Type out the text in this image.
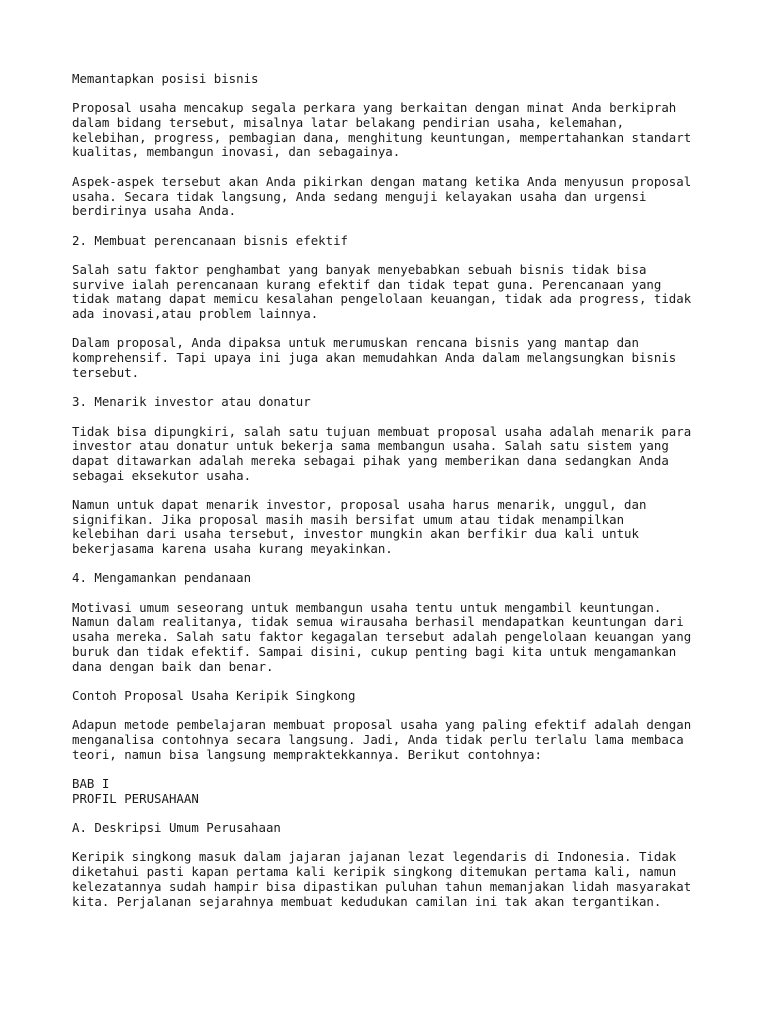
Memantapkan posisi bisnis
Proposal usaha mencakup segala perkara yang berkaitan dengan minat Anda berkiprah
dalam bidang tersebut, misalnya latar belakang pendirian usaha, kelemahan,
kelebihan, progress, pembagian dana, menghitung keuntungan, mempertahankan standart
kualitas, membangun inovasi, dan sebagainya.
Aspek-aspek tersebut akan Anda pikirkan dengan matang ketika Anda menyusun proposal
usaha. Secara tidak langsung, Anda sedang menguji kelayakan usaha dan urgensi
berdirinya usaha Anda.
2. Membuat perencanaan bisnis efektif
Salah satu faktor penghambat yang banyak menyebabkan sebuah bisnis tidak bisa
survive ialah perencanaan kurang efektif dan tidak tepat guna. Perencanaan yang
tidak matang dapat memicu kesalahan pengelolaan keuangan, tidak ada progress, tidak
ada inovasi,atau problem lainnya.
Dalam proposal, Anda dipaksa untuk merumuskan rencana bisnis yang mantap dan
komprehensif. Tapi upaya ini juga akan memudahkan Anda dalam melangsungkan bisnis
tersebut.
3. Menarik investor atau donatur
Tidak bisa dipungkiri, salah satu tujuan membuat proposal usaha adalah menarik para
investor atau donatur untuk bekerja sama membangun usaha. Salah satu sistem yang
dapat ditawarkan adalah mereka sebagai pihak yang memberikan dana sedangkan Anda
sebagai eksekutor usaha.
Namun untuk dapat menarik investor, proposal usaha harus menarik, unggul, dan
signifikan. Jika proposal masih masih bersifat umum atau tidak menampilkan
kelebihan dari usaha tersebut, investor mungkin akan berfikir dua kali untuk
bekerjasama karena usaha kurang meyakinkan.
4. Mengamankan pendanaan
Motivasi umum seseorang untuk membangun usaha tentu untuk mengambil keuntungan.
Namun dalam realitanya, tidak semua wirausaha berhasil mendapatkan keuntungan dari
usaha mereka. Salah satu faktor kegagalan tersebut adalah pengelolaan keuangan yang
buruk dan tidak efektif. Sampai disini, cukup penting bagi kita untuk mengamankan
dana dengan baik dan benar.
Contoh Proposal Usaha Keripik Singkong
Adapun metode pembelajaran membuat proposal usaha yang paling efektif adalah dengan
menganalisa contohnya secara langsung. Jadi, Anda tidak perlu terlalu lama membaca
teori, namun bisa langsung mempraktekkannya. Berikut contohnya:
BAB I
PROFIL PERUSAHAAN
A. Deskripsi Umum Perusahaan
Keripik singkong masuk dalam jajaran jajanan lezat legendaris di Indonesia. Tidak
diketahui pasti kapan pertama kali keripik singkong ditemukan pertama kali, namun
kelezatannya sudah hampir bisa dipastikan puluhan tahun memanjakan lidah masyarakat
kita. Perjalanan sejarahnya membuat kedudukan camilan ini tak akan tergantikan.
